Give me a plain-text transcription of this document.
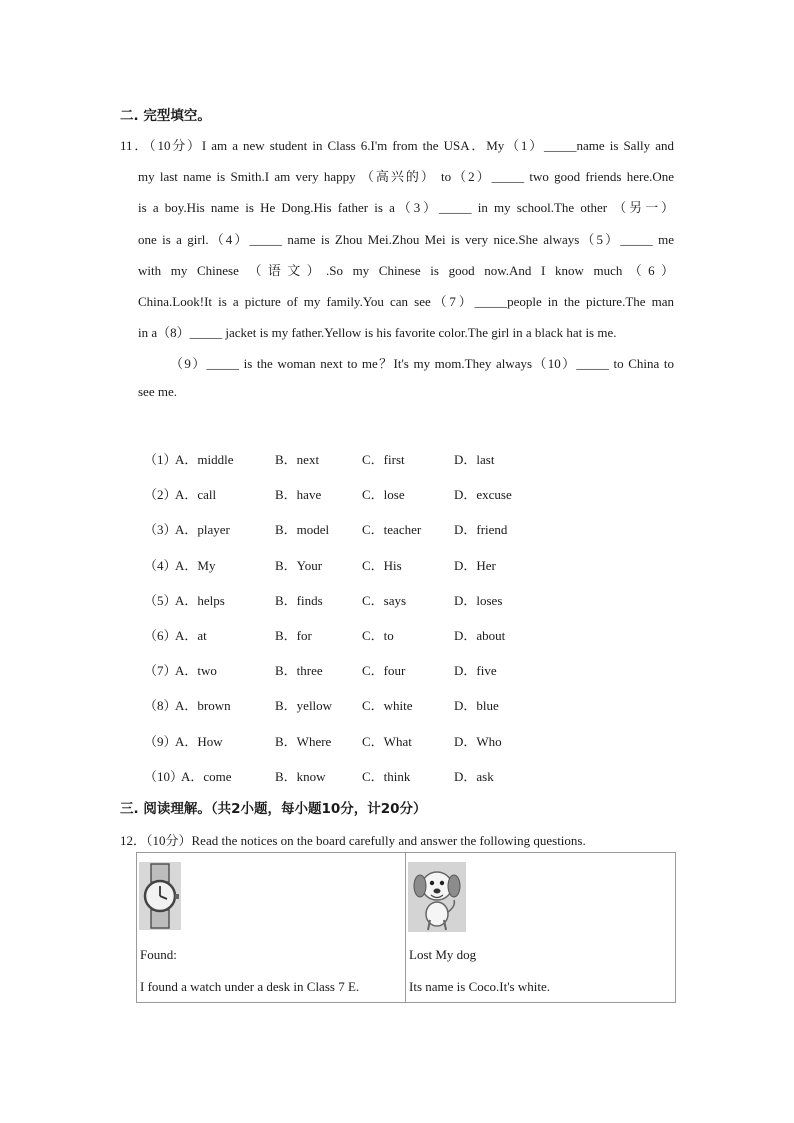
二. 完型填空。
11．（10分）I am a new student in Class 6.I'm from the USA．My（1）_____name is Sally and
my last name is Smith.I am very happy （高兴的） to（2）_____ two good friends here.One
is a boy.His name is He Dong.His father is a（3）_____ in my school.The other （另一）
one is a girl.（4）_____ name is Zhou Mei.Zhou Mei is very nice.She always（5）_____ me
with my Chinese （语文）.So my Chinese is good now.And I know much（6）
China.Look!It is a picture of my family.You can see（7）_____people in the picture.The man
in a（8）_____ jacket is my father.Yellow is his favorite color.The girl in a black hat is me.
（9）_____ is the woman next to me？It's my mom.They always（10）_____ to China to
see me.
（1）
A．middle	B．next	C．first	D．last
（2）
A．call	B．have	C．lose	D．excuse
（3）
A．player	B．model	C．teacher	D．friend
（4）
A．My	B．Your	C．His	D．Her
（5）
A．helps	B．finds	C．says	D．loses
（6）
A．at	B．for	C．to	D．about
（7）
A．two	B．three	C．four	D．five
（8）
A．brown	B．yellow C．white	D．blue
（9）
A．How	B．Where C．What	D．Who
（10）
A．come	B．know	C．think	D．ask
三. 阅读理解。（共2小题，每小题10分，计20分）
12．（10分）Read the notices on the board carefully and answer the following questions.
Found:
I found a watch under a desk in Class 7 E.
Lost My dog
Its name is Coco.It's white.
